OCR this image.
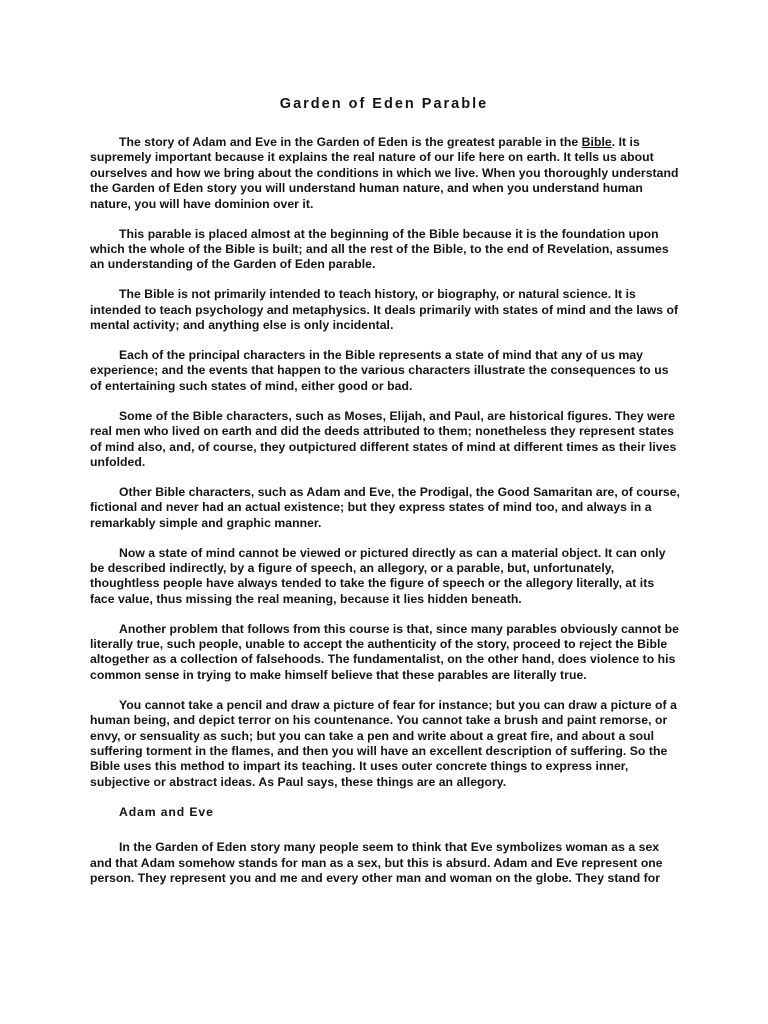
Garden of Eden Parable

The story of Adam and Eve in the Garden of Eden is the greatest parable in the Bible. It is supremely important because it explains the real nature of our life here on earth. It tells us about ourselves and how we bring about the conditions in which we live. When you thoroughly understand the Garden of Eden story you will understand human nature, and when you understand human nature, you will have dominion over it.

This parable is placed almost at the beginning of the Bible because it is the foundation upon which the whole of the Bible is built; and all the rest of the Bible, to the end of Revelation, assumes an understanding of the Garden of Eden parable.

The Bible is not primarily intended to teach history, or biography, or natural science. It is intended to teach psychology and metaphysics. It deals primarily with states of mind and the laws of mental activity; and anything else is only incidental.

Each of the principal characters in the Bible represents a state of mind that any of us may experience; and the events that happen to the various characters illustrate the consequences to us of entertaining such states of mind, either good or bad.

Some of the Bible characters, such as Moses, Elijah, and Paul, are historical figures. They were real men who lived on earth and did the deeds attributed to them; nonetheless they represent states of mind also, and, of course, they outpictured different states of mind at different times as their lives unfolded.

Other Bible characters, such as Adam and Eve, the Prodigal, the Good Samaritan are, of course, fictional and never had an actual existence; but they express states of mind too, and always in a remarkably simple and graphic manner.

Now a state of mind cannot be viewed or pictured directly as can a material object. It can only be described indirectly, by a figure of speech, an allegory, or a parable, but, unfortunately, thoughtless people have always tended to take the figure of speech or the allegory literally, at its face value, thus missing the real meaning, because it lies hidden beneath.

Another problem that follows from this course is that, since many parables obviously cannot be literally true, such people, unable to accept the authenticity of the story, proceed to reject the Bible altogether as a collection of falsehoods. The fundamentalist, on the other hand, does violence to his common sense in trying to make himself believe that these parables are literally true.

You cannot take a pencil and draw a picture of fear for instance; but you can draw a picture of a human being, and depict terror on his countenance. You cannot take a brush and paint remorse, or envy, or sensuality as such; but you can take a pen and write about a great fire, and about a soul suffering torment in the flames, and then you will have an excellent description of suffering. So the Bible uses this method to impart its teaching. It uses outer concrete things to express inner, subjective or abstract ideas. As Paul says, these things are an allegory.

Adam and Eve

In the Garden of Eden story many people seem to think that Eve symbolizes woman as a sex and that Adam somehow stands for man as a sex, but this is absurd. Adam and Eve represent one person. They represent you and me and every other man and woman on the globe. They stand for
